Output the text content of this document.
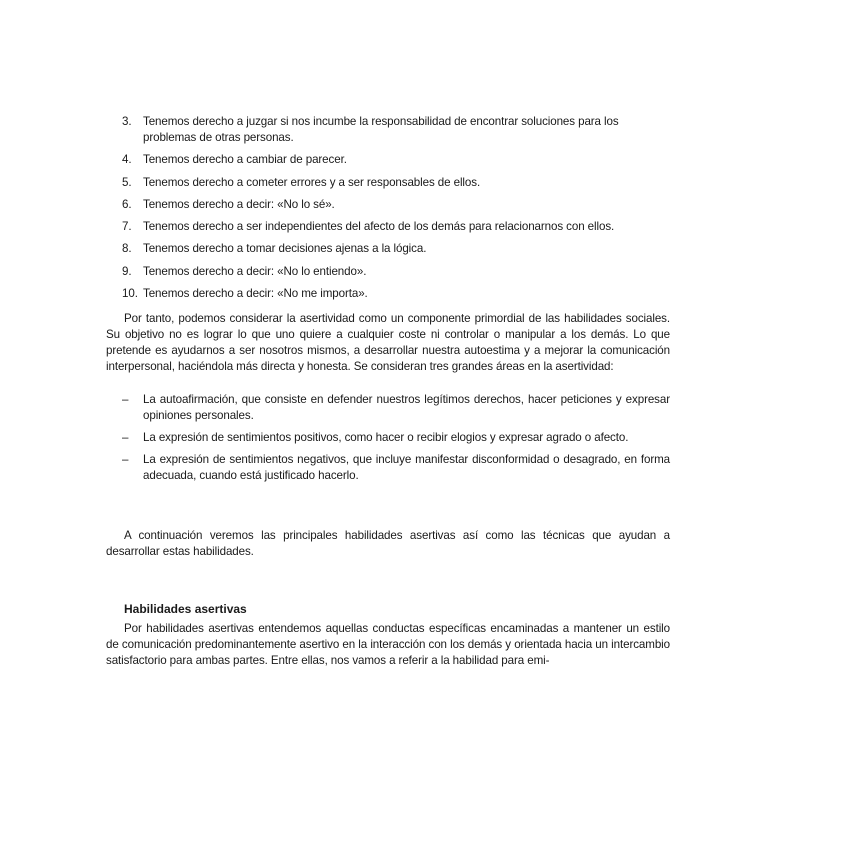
3. Tenemos derecho a juzgar si nos incumbe la responsabilidad de encontrar soluciones para los problemas de otras personas.
4. Tenemos derecho a cambiar de parecer.
5. Tenemos derecho a cometer errores y a ser responsables de ellos.
6. Tenemos derecho a decir: «No lo sé».
7. Tenemos derecho a ser independientes del afecto de los demás para relacionarnos con ellos.
8. Tenemos derecho a tomar decisiones ajenas a la lógica.
9. Tenemos derecho a decir: «No lo entiendo».
10. Tenemos derecho a decir: «No me importa».

Por tanto, podemos considerar la asertividad como un componente primordial de las habilidades sociales. Su objetivo no es lograr lo que uno quiere a cualquier coste ni controlar o manipular a los demás. Lo que pretende es ayudarnos a ser nosotros mismos, a desarrollar nuestra autoestima y a mejorar la comunicación interpersonal, haciéndola más directa y honesta. Se consideran tres grandes áreas en la asertividad:

–	La autoafirmación, que consiste en defender nuestros legítimos derechos, hacer peticiones y expresar opiniones personales.
–	La expresión de sentimientos positivos, como hacer o recibir elogios y expresar agrado o afecto.
–	La expresión de sentimientos negativos, que incluye manifestar disconformidad o desagrado, en forma adecuada, cuando está justificado hacerlo.

A continuación veremos las principales habilidades asertivas así como las técnicas que ayudan a desarrollar estas habilidades.

Habilidades asertivas

Por habilidades asertivas entendemos aquellas conductas específicas encaminadas a mantener un estilo de comunicación predominantemente asertivo en la interacción con los demás y orientada hacia un intercambio satisfactorio para ambas partes. Entre ellas, nos vamos a referir a la habilidad para emi-
